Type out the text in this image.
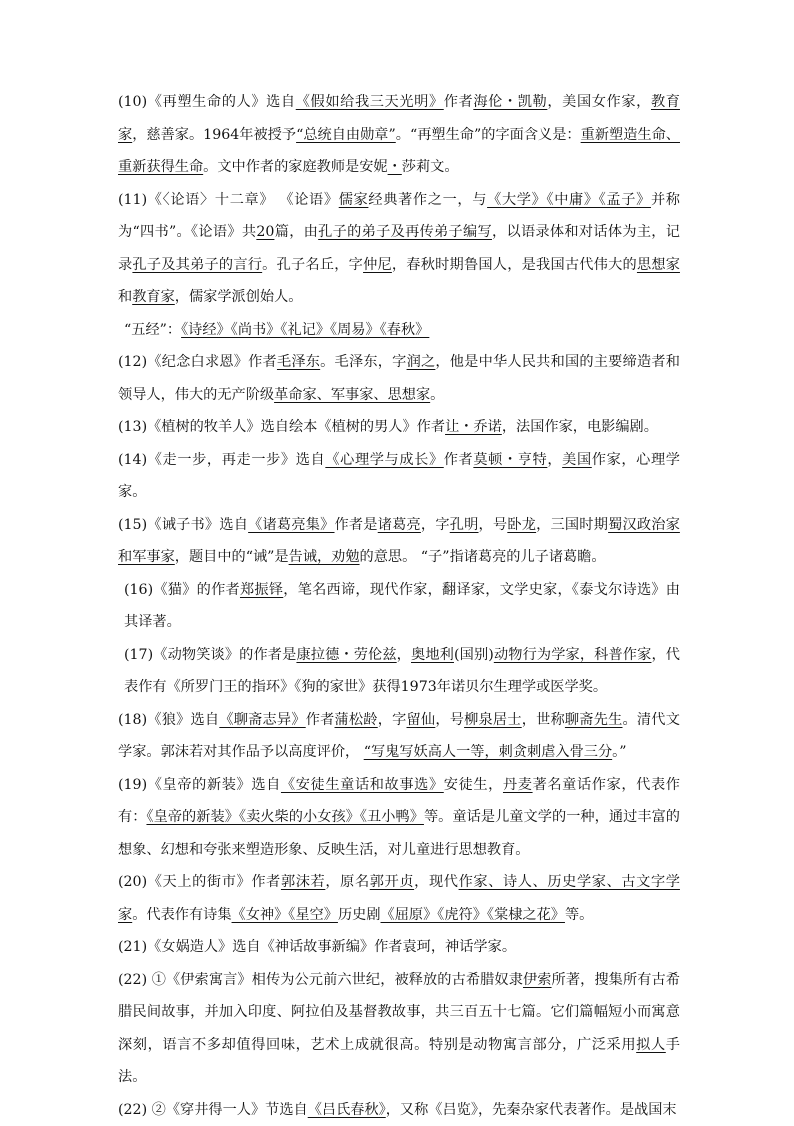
(10)《再塑生命的人》选自《假如给我三天光明》作者海伦・凯勒，美国女作家，教育家，慈善家。1964年被授予“总统自由勋章”。“再塑生命”的字面含义是：重新塑造生命、重新获得生命。文中作者的家庭教师是安妮・莎莉文。

(11)《〈论语〉十二章》 《论语》儒家经典著作之一，与《大学》《中庸》《孟子》并称为“四书”。《论语》共20篇，由孔子的弟子及再传弟子编写，以语录体和对话体为主，记录孔子及其弟子的言行。孔子名丘，字仲尼，春秋时期鲁国人，是我国古代伟大的思想家和教育家，儒家学派创始人。

“五经”：《诗经》《尚书》《礼记》《周易》《春秋》

(12)《纪念白求恩》作者毛泽东。毛泽东，字润之，他是中华人民共和国的主要缔造者和领导人，伟大的无产阶级革命家、军事家、思想家。

(13)《植树的牧羊人》选自绘本《植树的男人》作者让・乔诺，法国作家，电影编剧。

(14)《走一步，再走一步》选自《心理学与成长》作者莫顿・亨特，美国作家，心理学家。

(15)《诫子书》选自《诸葛亮集》作者是诸葛亮，字孔明，号卧龙，三国时期蜀汉政治家和军事家，题目中的“诫”是告诫，劝勉的意思。 “子”指诸葛亮的儿子诸葛瞻。

(16)《猫》的作者郑振铎，笔名西谛，现代作家，翻译家，文学史家，《泰戈尔诗选》由其译著。

(17)《动物笑谈》的作者是康拉德・劳伦兹，奥地利(国别)动物行为学家，科普作家，代表作有《所罗门王的指环》《狗的家世》获得1973年诺贝尔生理学或医学奖。

(18)《狼》选自《聊斋志异》作者蒲松龄，字留仙，号柳泉居士，世称聊斋先生。清代文学家。郭沫若对其作品予以高度评价， “写鬼写妖高人一等，刺贪刺虐入骨三分。”

(19)《皇帝的新装》选自《安徒生童话和故事选》安徒生，丹麦著名童话作家，代表作有：《皇帝的新装》《卖火柴的小女孩》《丑小鸭》等。童话是儿童文学的一种，通过丰富的想象、幻想和夸张来塑造形象、反映生活，对儿童进行思想教育。

(20)《天上的街市》作者郭沫若，原名郭开贞，现代作家、诗人、历史学家、古文字学家。代表作有诗集《女神》《星空》历史剧《屈原》《虎符》《棠棣之花》等。

(21)《女娲造人》选自《神话故事新编》作者袁珂，神话学家。

(22) ①《伊索寓言》相传为公元前六世纪，被释放的古希腊奴隶伊索所著，搜集所有古希腊民间故事，并加入印度、阿拉伯及基督教故事，共三百五十七篇。它们篇幅短小而寓意深刻，语言不多却值得回味，艺术上成就很高。特别是动物寓言部分，广泛采用拟人手法。

(22) ②《穿井得一人》节选自《吕氏春秋》，又称《吕览》，先秦杂家代表著作。是战国末
